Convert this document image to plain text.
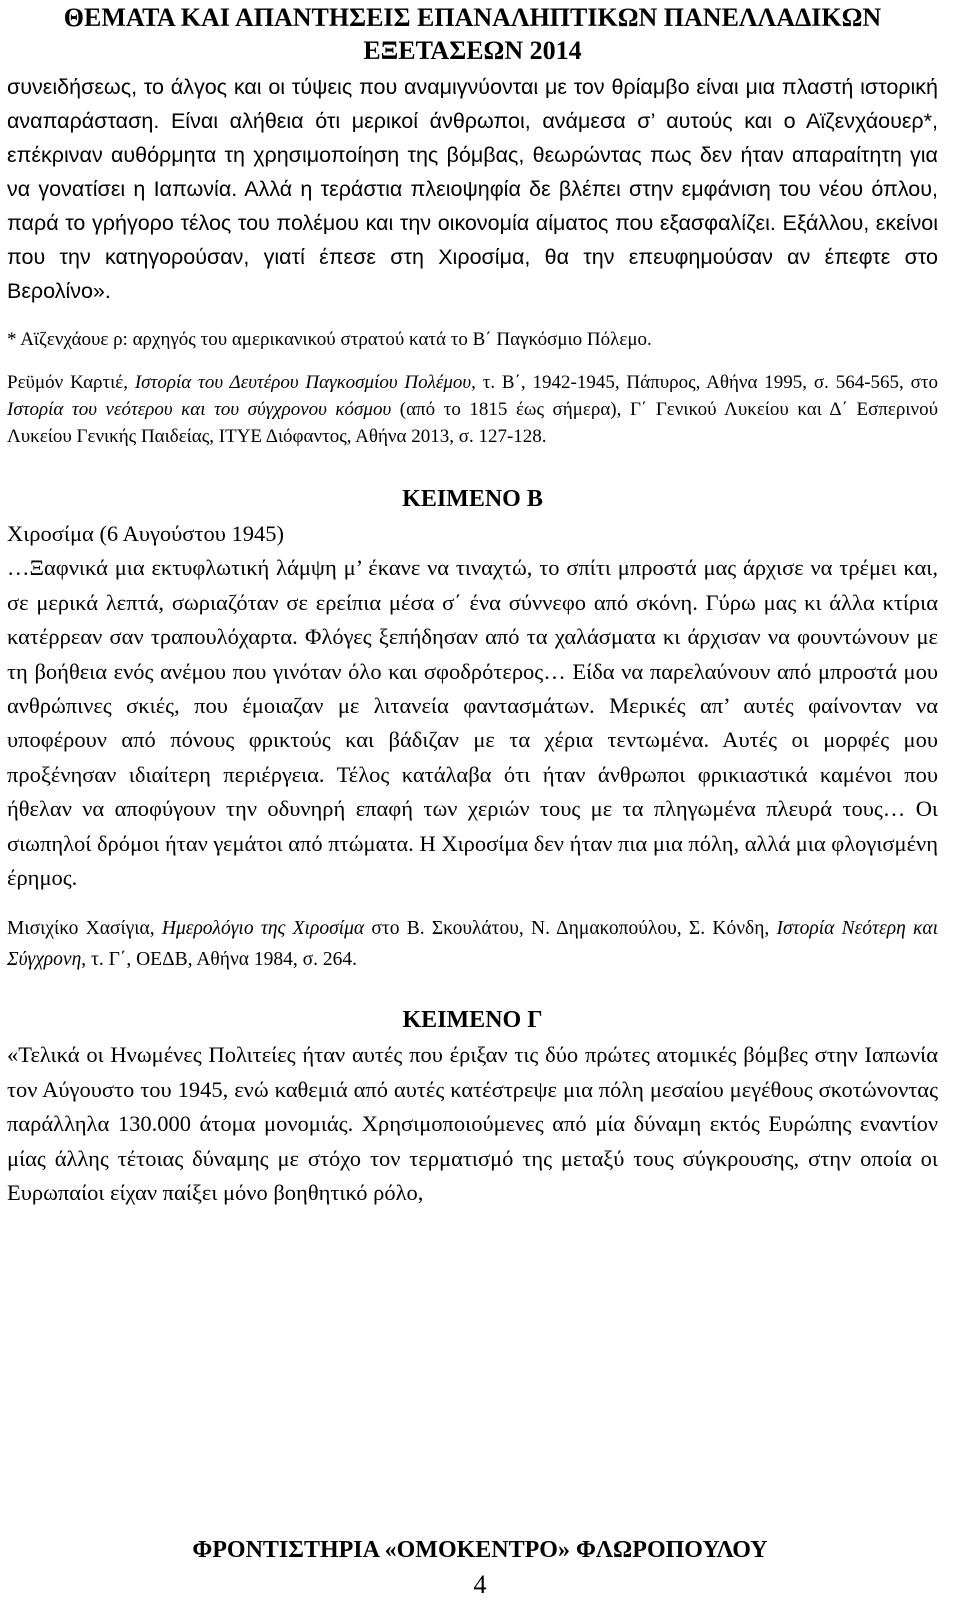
ΘΕΜΑΤΑ ΚΑΙ ΑΠΑΝΤΗΣΕΙΣ ΕΠΑΝΑΛΗΠΤΙΚΩΝ ΠΑΝΕΛΛΑΔΙΚΩΝ
ΕΞΕΤΑΣΕΩΝ 2014

συνειδήσεως, το άλγος και οι τύψεις που αναμιγνύονται με τον θρίαμβο είναι μια πλαστή ιστορική αναπαράσταση. Είναι αλήθεια ότι μερικοί άνθρωποι, ανάμεσα σ’ αυτούς και ο Αϊζενχάουερ*, επέκριναν αυθόρμητα τη χρησιμοποίηση της βόμβας, θεωρώντας πως δεν ήταν απαραίτητη για να γονατίσει η Ιαπωνία. Αλλά η τεράστια πλειοψηφία δε βλέπει στην εμφάνιση του νέου όπλου, παρά το γρήγορο τέλος του πολέμου και την οικονομία αίματος που εξασφαλίζει. Εξάλλου, εκείνοι που την κατηγορούσαν, γιατί έπεσε στη Χιροσίμα, θα την επευφημούσαν αν έπεφτε στο Βερολίνο».

* Αϊζενχάουε ρ: αρχηγός του αμερικανικού στρατού κατά το Β΄ Παγκόσμιο Πόλεμο.

Ρεϋμόν Καρτιέ, Ιστορία του Δευτέρου Παγκοσμίου Πολέμου, τ. Β΄, 1942-1945, Πάπυρος, Αθήνα 1995, σ. 564-565, στο Ιστορία του νεότερου και του σύγχρονου κόσμου (από το 1815 έως σήμερα), Γ΄ Γενικού Λυκείου και Δ΄ Εσπερινού Λυκείου Γενικής Παιδείας, ΙΤΥΕ Διόφαντος, Αθήνα 2013, σ. 127-128.

ΚΕΙΜΕΝΟ Β

Χιροσίμα (6 Αυγούστου 1945)

…Ξαφνικά μια εκτυφλωτική λάμψη μ’ έκανε να τιναχτώ, το σπίτι μπροστά μας άρχισε να τρέμει και, σε μερικά λεπτά, σωριαζόταν σε ερείπια μέσα σ΄ ένα σύννεφο από σκόνη. Γύρω μας κι άλλα κτίρια κατέρρεαν σαν τραπουλόχαρτα. Φλόγες ξεπήδησαν από τα χαλάσματα κι άρχισαν να φουντώνουν με τη βοήθεια ενός ανέμου που γινόταν όλο και σφοδρότερος… Είδα να παρελαύνουν από μπροστά μου ανθρώπινες σκιές, που έμοιαζαν με λιτανεία φαντασμάτων. Μερικές απ’ αυτές φαίνονταν να υποφέρουν από πόνους φρικτούς και βάδιζαν με τα χέρια τεντωμένα. Αυτές οι μορφές μου προξένησαν ιδιαίτερη περιέργεια. Τέλος κατάλαβα ότι ήταν άνθρωποι φρικιαστικά καμένοι που ήθελαν να αποφύγουν την οδυνηρή επαφή των χεριών τους με τα πληγωμένα πλευρά τους… Οι σιωπηλοί δρόμοι ήταν γεμάτοι από πτώματα. Η Χιροσίμα δεν ήταν πια μια πόλη, αλλά μια φλογισμένη έρημος.

Μισιχίκο Χασίγια, Ημερολόγιο της Χιροσίμα στο Β. Σκουλάτου, Ν. Δημακοπούλου, Σ. Κόνδη, Ιστορία Νεότερη και Σύγχρονη, τ. Γ΄, ΟΕΔΒ, Αθήνα 1984, σ. 264.

ΚΕΙΜΕΝΟ Γ

«Τελικά οι Ηνωμένες Πολιτείες ήταν αυτές που έριξαν τις δύο πρώτες ατομικές βόμβες στην Ιαπωνία τον Αύγουστο του 1945, ενώ καθεμιά από αυτές κατέστρεψε μια πόλη μεσαίου μεγέθους σκοτώνοντας παράλληλα 130.000 άτομα μονομιάς. Χρησιμοποιούμενες από μία δύναμη εκτός Ευρώπης εναντίον μίας άλλης τέτοιας δύναμης με στόχο τον τερματισμό της μεταξύ τους σύγκρουσης, στην οποία οι Ευρωπαίοι είχαν παίξει μόνο βοηθητικό ρόλο,

ΦΡΟΝΤΙΣΤΗΡΙΑ «ΟΜΟΚΕΝΤΡΟ» ΦΛΩΡΟΠΟΥΛΟΥ
4
